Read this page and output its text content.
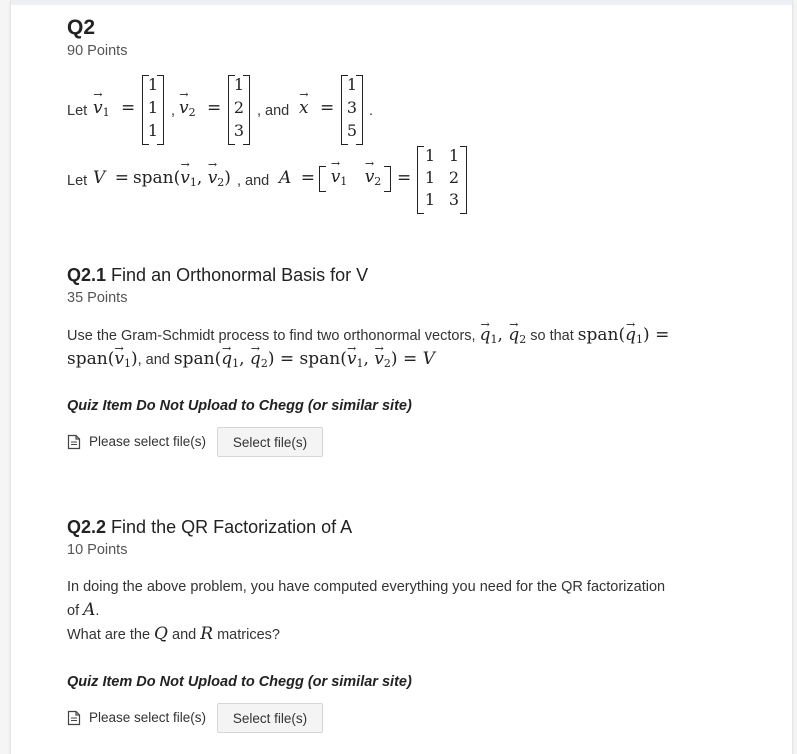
Q2
90 Points
Let
→ $v_1$ =
1
1
1
,
→ $v_2$ =
1
2
3
, and
→ x =
1
3
5
.
Let V = span(→ $v_1$, → $v_2$) , and A =
→ $v_1$
→ $v_2$ =
1 1
1 2
1 3
Q2.1 Find an Orthonormal Basis for V
35 Points
Use the Gram-Schmidt process to find two orthonormal vectors, → $q_1$, → $q_2$ so that span(→ $q_1$) =
span(→ $v_1$), and span(→ $q_1$, → $q_2$) = span(→ $v_1$, → $v_2) = V$
Quiz Item Do Not Upload to Chegg (or similar site)
Please select file(s)	Select file(s)
Q2.2 Find the QR Factorization of A
10 Points
In doing the above problem, you have computed everything you need for the QR factorization
of A.
What are the Q and R matrices?
Quiz Item Do Not Upload to Chegg (or similar site)
Please select file(s)	Select file(s)
